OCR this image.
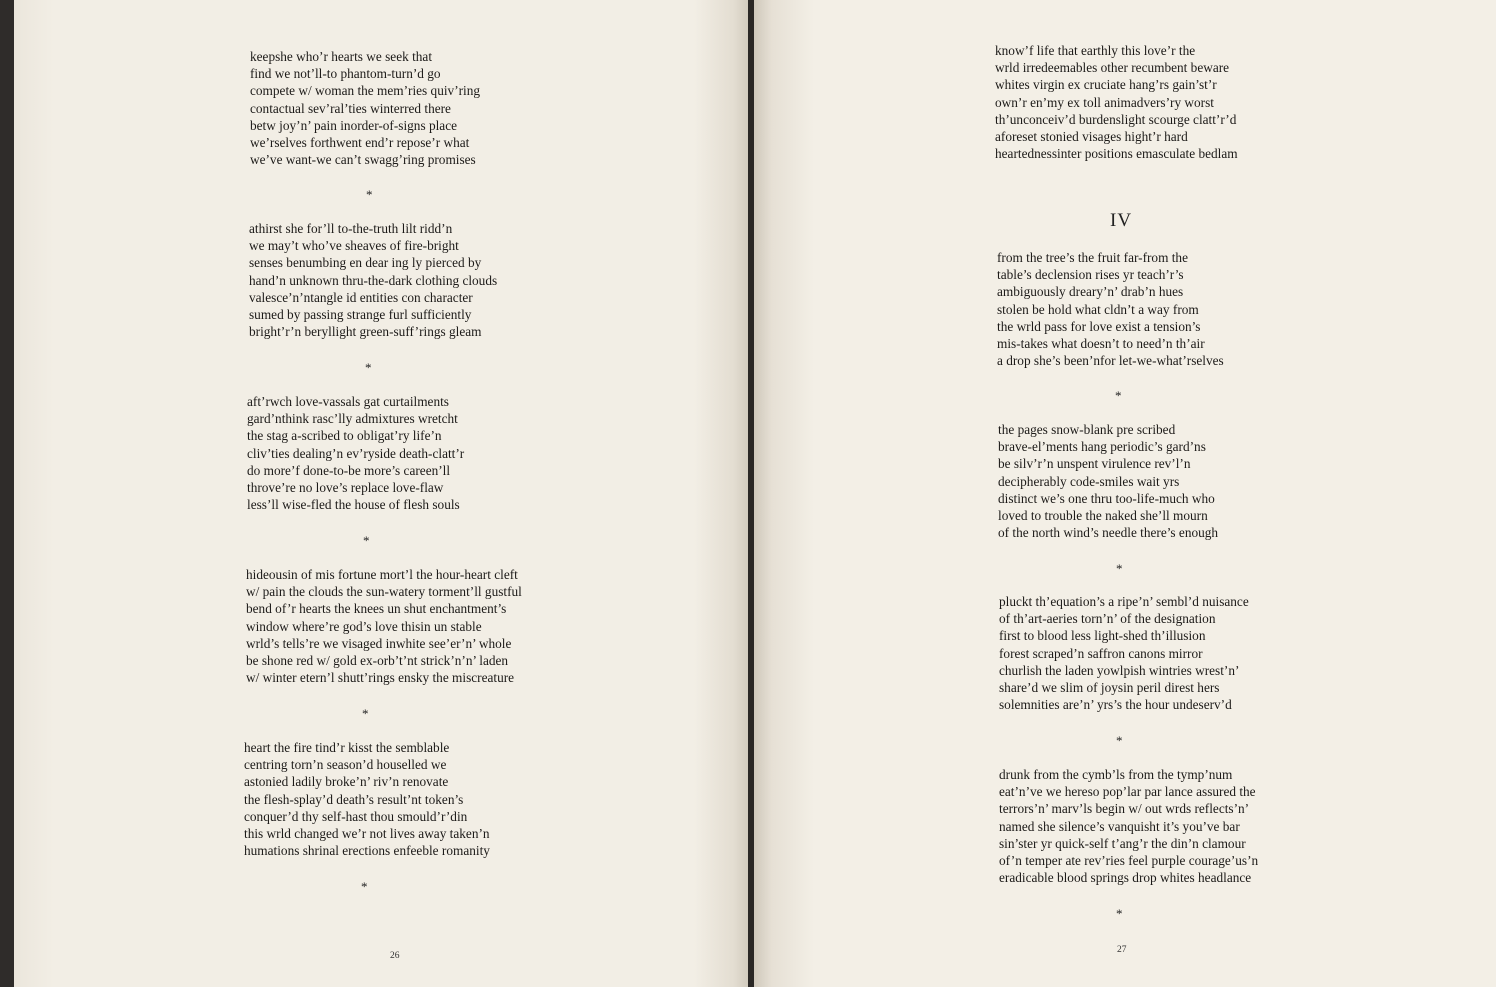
keepshe who’r hearts we seek that
find we not’ll-to phantom-turn’d go
compete w/ woman the mem’ries quiv’ring
contactual sev’ral’ties winterred there
betw joy’n’ pain inorder-of-signs place
we’rselves forthwent end’r repose’r what
we’ve want-we can’t swagg’ring promises
*
athirst she for’ll to-the-truth lilt ridd’n
we may’t who’ve sheaves of fire-bright
senses benumbing en dear ing ly pierced by
hand’n unknown thru-the-dark clothing clouds
valesce’n’ntangle id entities con character
sumed by passing strange furl sufficiently
bright’r’n beryllight green-suff’rings gleam
*
aft’rwch love-vassals gat curtailments
gard’nthink rasc’lly admixtures wretcht
the stag a-scribed to obligat’ry life’n
cliv’ties dealing’n ev’ryside death-clatt’r
do more’f done-to-be more’s careen’ll
throve’re no love’s replace love-flaw
less’ll wise-fled the house of flesh souls
*
hideousin of mis fortune mort’l the hour-heart cleft
w/ pain the clouds the sun-watery torment’ll gustful
bend of’r hearts the knees un shut enchantment’s
window where’re god’s love thisin un stable
wrld’s tells’re we visaged inwhite see’er’n’ whole
be shone red w/ gold ex-orb’t’nt strick’n’n’ laden
w/ winter etern’l shutt’rings ensky the miscreature
*
heart the fire tind’r kisst the semblable
centring torn’n season’d houselled we
astonied ladily broke’n’ riv’n renovate
the flesh-splay’d death’s result’nt token’s
conquer’d thy self-hast thou smould’r’din
this wrld changed we’r not lives away taken’n
humations shrinal erections enfeeble romanity
*
26
know’f life that earthly this love’r the
wrld irredeemables other recumbent beware
whites virgin ex cruciate hang’rs gain’st’r
own’r en’my ex toll animadvers’ry worst
th’unconceiv’d burdenslight scourge clatt’r’d
aforeset stonied visages hight’r hard
heartednessinter positions emasculate bedlam
IV
from the tree’s the fruit far-from the
table’s declension rises yr teach’r’s
ambiguously dreary’n’ drab’n hues
stolen be hold what cldn’t a way from
the wrld pass for love exist a tension’s
mis-takes what doesn’t to need’n th’air
a drop she’s been’nfor let-we-what’rselves
*
the pages snow-blank pre scribed
brave-el’ments hang periodic’s gard’ns
be silv’r’n unspent virulence rev’l’n
decipherably code-smiles wait yrs
distinct we’s one thru too-life-much who
loved to trouble the naked she’ll mourn
of the north wind’s needle there’s enough
*
pluckt th’equation’s a ripe’n’ sembl’d nuisance
of th’art-aeries torn’n’ of the designation
first to blood less light-shed th’illusion
forest scraped’n saffron canons mirror
churlish the laden yowlpish wintries wrest’n’
share’d we slim of joysin peril direst hers
solemnities are’n’ yrs’s the hour undeserv’d
*
drunk from the cymb’ls from the tymp’num
eat’n’ve we hereso pop’lar par lance assured the
terrors’n’ marv’ls begin w/ out wrds reflects’n’
named she silence’s vanquisht it’s you’ve bar
sin’ster yr quick-self t’ang’r the din’n clamour
of’n temper ate rev’ries feel purple courage’us’n
eradicable blood springs drop whites headlance
*
27
